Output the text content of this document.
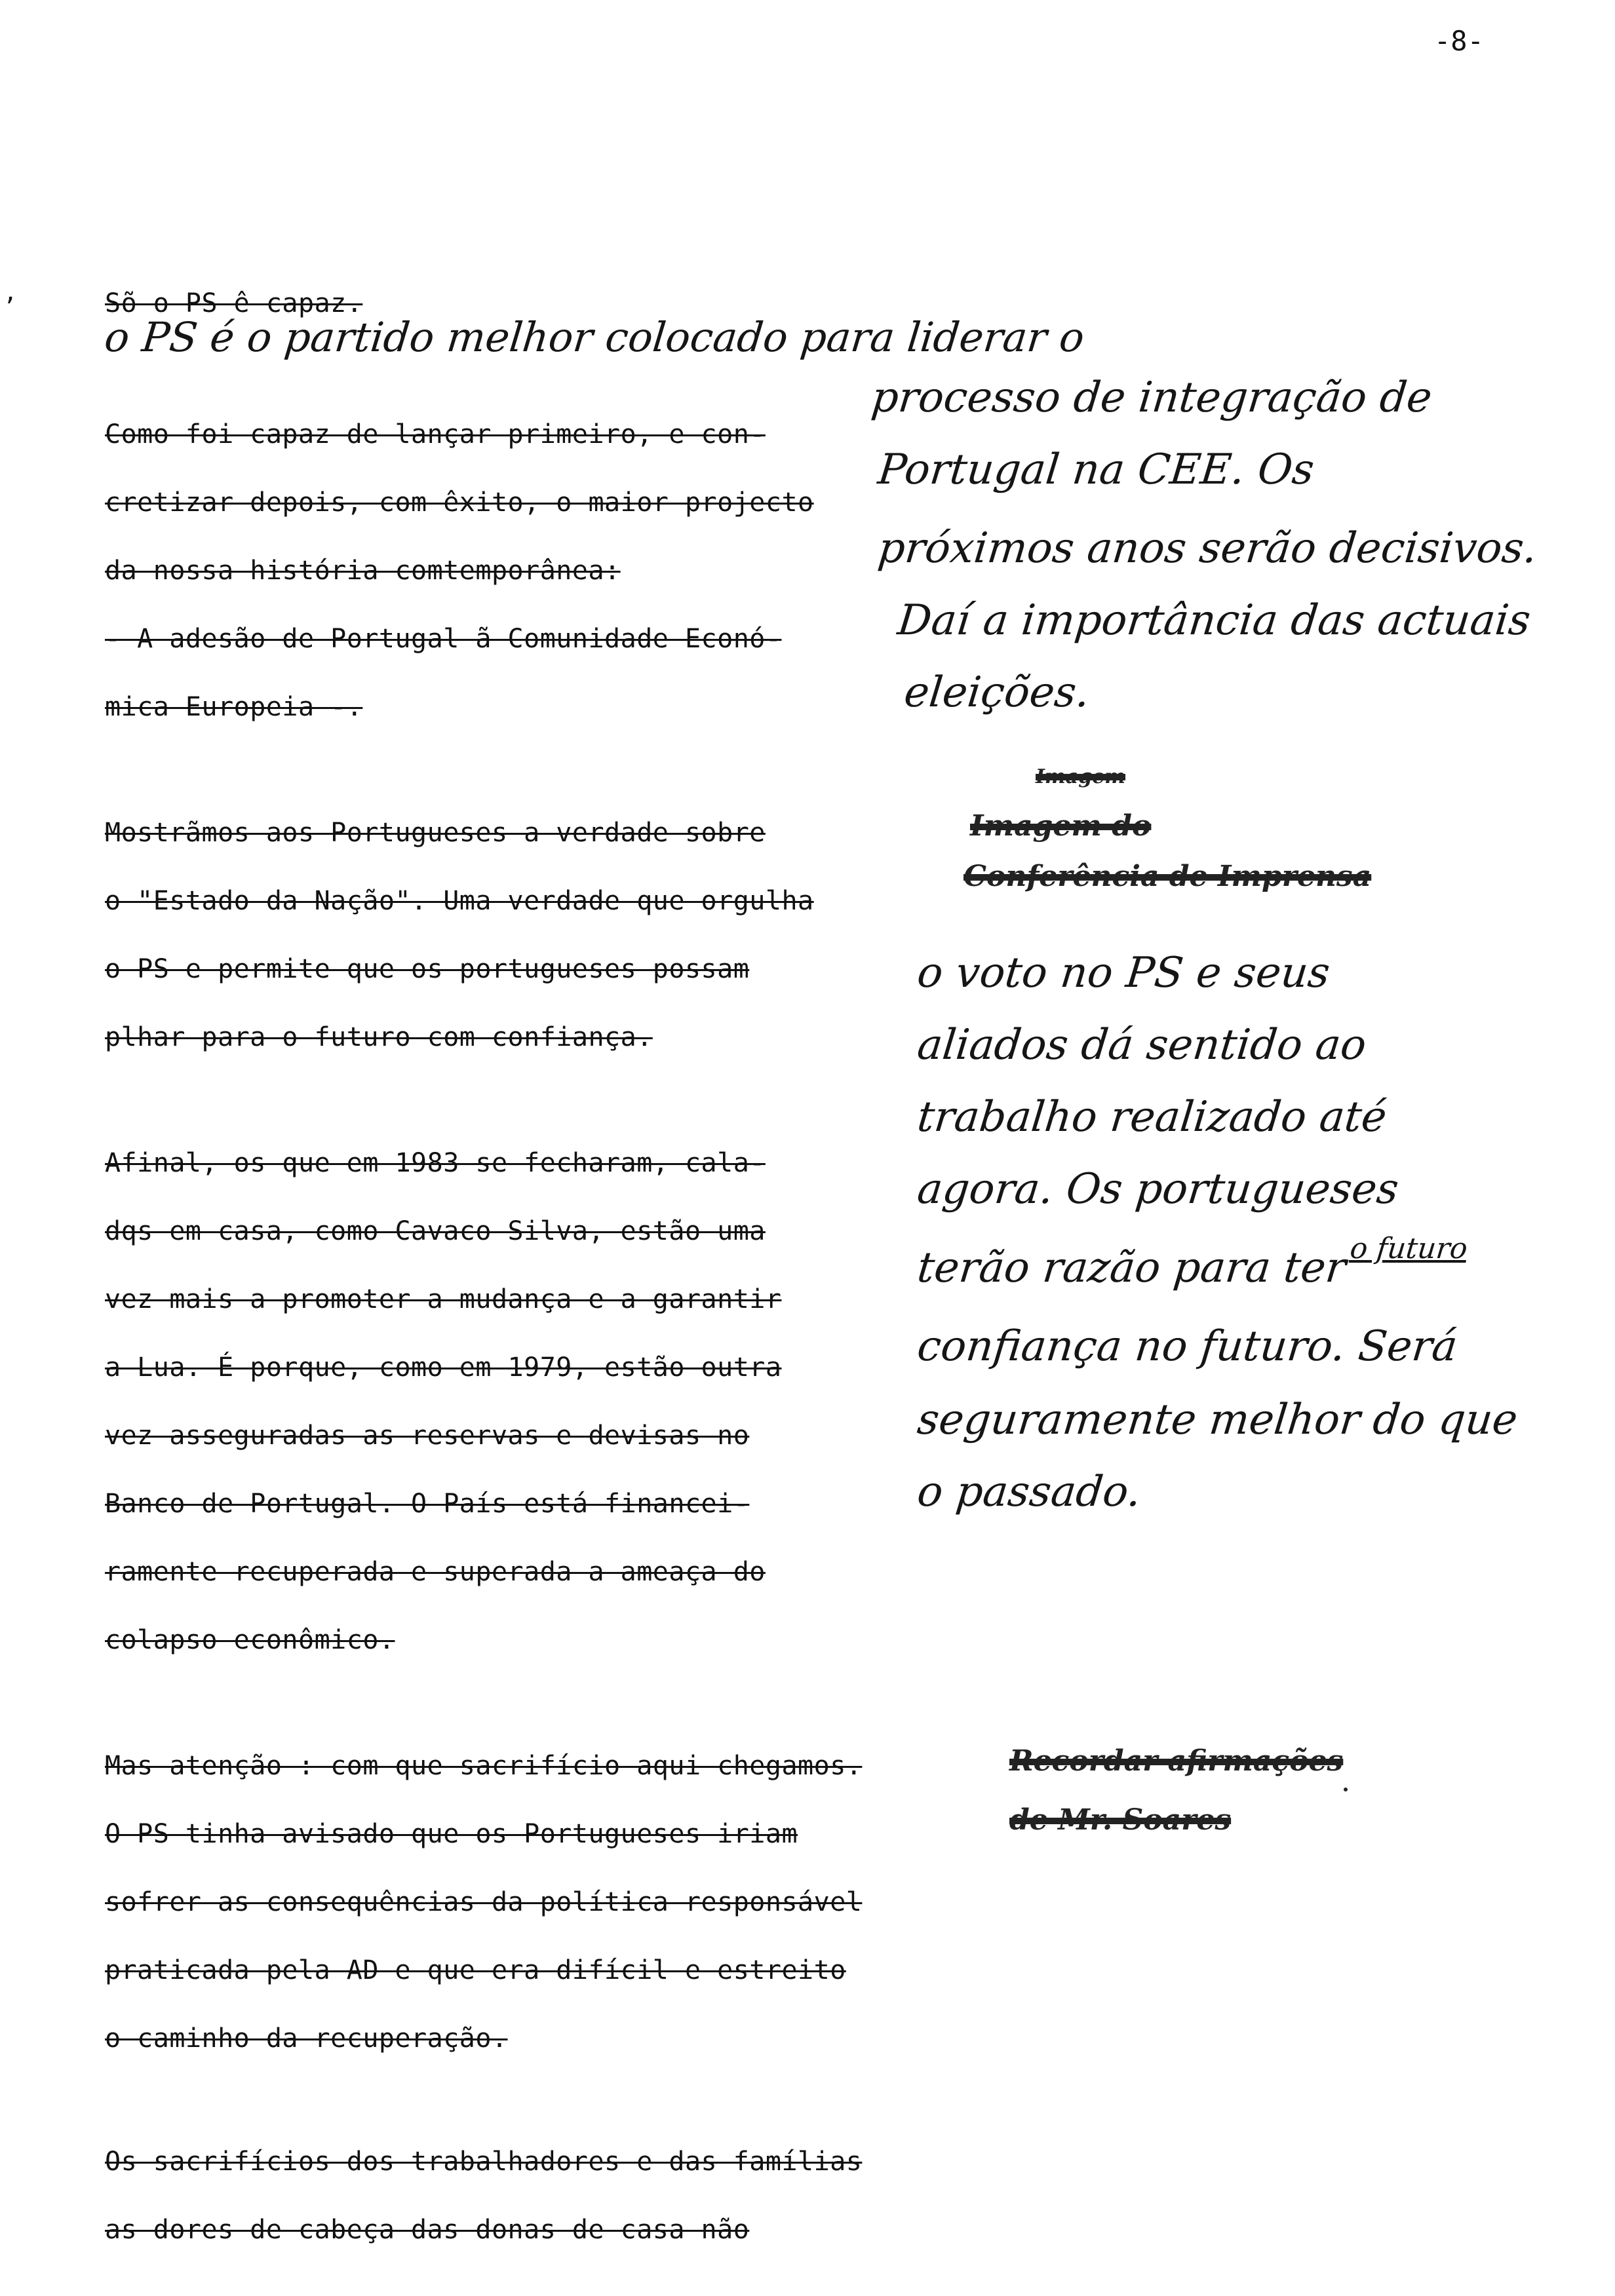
-8-
ʼ	Sõ o PS ê capaz.
Como foi capaz de lançar primeiro, e con-
cretizar depois, com êxito, o maior projecto
da nossa história comtemporânea:
- A adesão de Portugal ã Comunidade Econó-
mica Europeia -.
Mostrãmos aos Portugueses a verdade sobre
o "Estado da Nação". Uma verdade que orgulha
o PS e permite que os portugueses possam
plhar para o futuro com confiança.
Afinal, os que em 1983 se fecharam, cala-
dqs em casa, como Cavaco Silva, estão uma
vez mais a promoter a mudança e a garantir
a Lua. É porque, como em 1979, estão outra
vez asseguradas as reservas e devisas no
Banco de Portugal. O País está financei-
ramente recuperada e superada a ameaça do
colapso econômico.
Mas atenção : com que sacrifício aqui chegamos.
O PS tinha avisado que os Portugueses iriam
sofrer as consequências da política responsável
praticada pela AD e que era difícil e estreito
o caminho da recuperação.
Os sacrifícios dos trabalhadores e das famílias
as dores de cabeça das donas de casa não
o PS é o partido melhor colocado para liderar o
processo de integração de
Portugal na CEE. Os
próximos anos serão decisivos.
Daí a importância das actuais
eleições.
Imagem
Imagem do
Conferência de Imprensa
o voto no PS e seus
aliados dá sentido ao
trabalho realizado até
agora. Os portugueses
terão razão para ter o futuro
confiança no futuro. Será
seguramente melhor do que
o passado.
Recordar afirmações
de Mr. Soares
